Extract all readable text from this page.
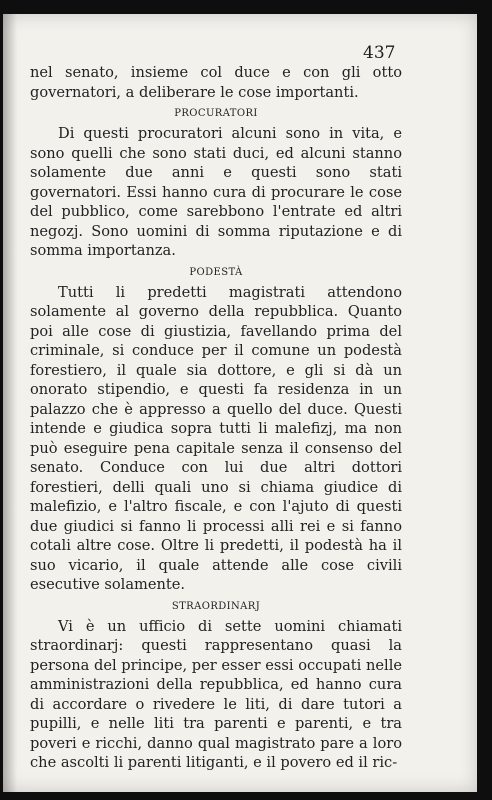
437

nel senato, insieme col duce e con gli otto governatori, a deliberare le cose importanti.

PROCURATORI

Di questi procuratori alcuni sono in vita, e sono quelli che sono stati duci, ed alcuni stanno solamente due anni e questi sono stati governatori. Essi hanno cura di procurare le cose del pubblico, come sarebbono l'entrate ed altri negozj. Sono uomini di somma riputazione e di somma importanza.

PODESTÀ

Tutti li predetti magistrati attendono solamente al governo della repubblica. Quanto poi alle cose di giustizia, favellando prima del criminale, si conduce per il comune un podestà forestiero, il quale sia dottore, e gli si dà un onorato stipendio, e questi fa residenza in un palazzo che è appresso a quello del duce. Questi intende e giudica sopra tutti li malefizj, ma non può eseguire pena capitale senza il consenso del senato. Conduce con lui due altri dottori forestieri, delli quali uno si chiama giudice di malefizio, e l'altro fiscale, e con l'ajuto di questi due giudici si fanno li processi alli rei e si fanno cotali altre cose. Oltre li predetti, il podestà ha il suo vicario, il quale attende alle cose civili esecutive solamente.

STRAORDINARJ

Vi è un ufficio di sette uomini chiamati straordinarj: questi rappresentano quasi la persona del principe, per esser essi occupati nelle amministrazioni della repubblica, ed hanno cura di accordare o rivedere le liti, di dare tutori a pupilli, e nelle liti tra parenti e parenti, e tra poveri e ricchi, danno qual magistrato pare a loro che ascolti li parenti litiganti, e il povero ed il ric-
